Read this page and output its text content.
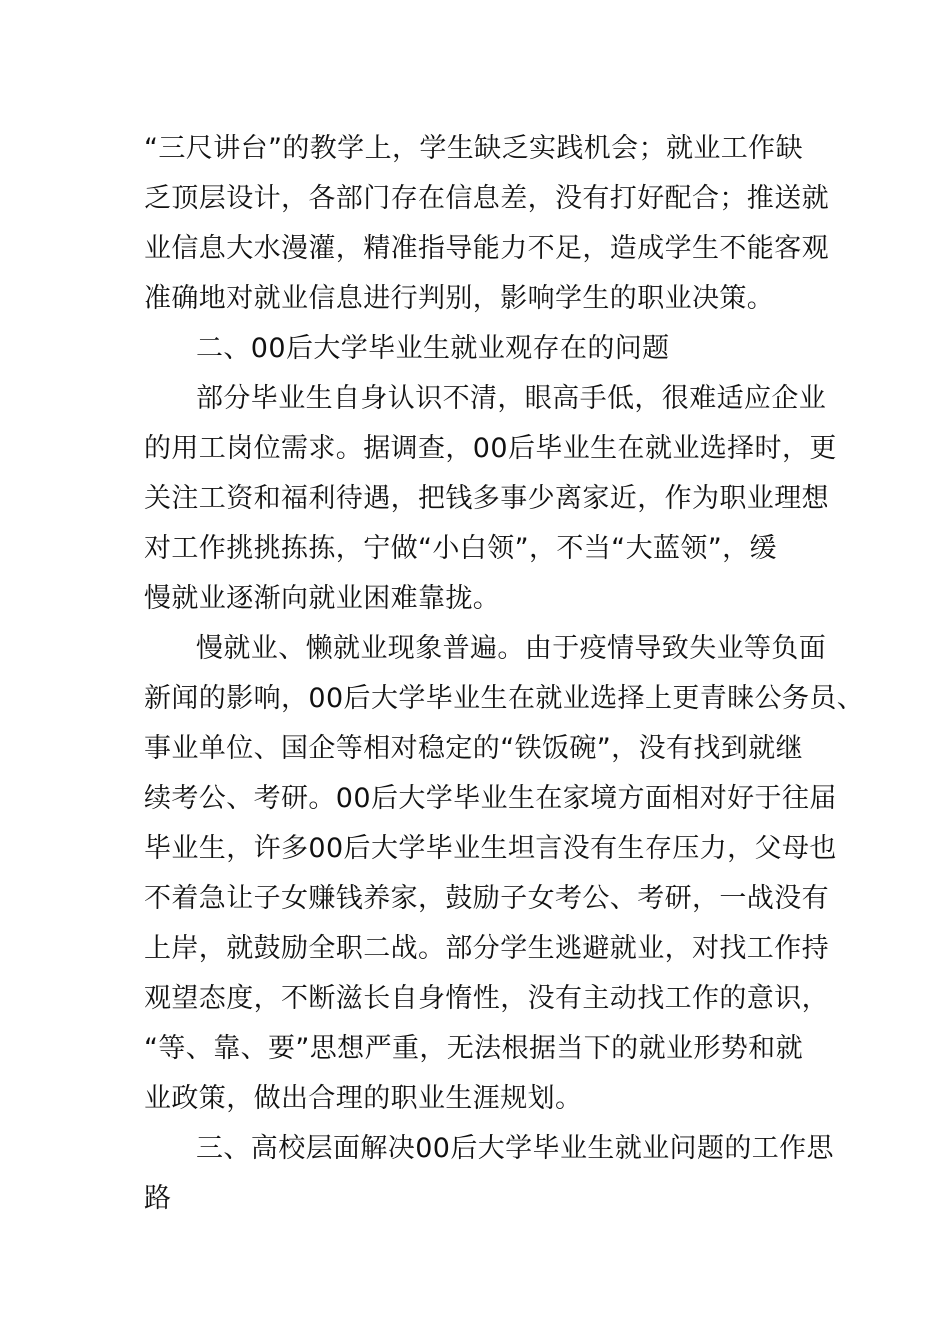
“三尺讲台”的教学上，学生缺乏实践机会；就业工作缺
乏顶层设计，各部门存在信息差，没有打好配合；推送就
业信息大水漫灌，精准指导能力不足，造成学生不能客观
准确地对就业信息进行判别，影响学生的职业决策。
二、00后大学毕业生就业观存在的问题
部分毕业生自身认识不清，眼高手低，很难适应企业
的用工岗位需求。据调查，00后毕业生在就业选择时，更
关注工资和福利待遇，把钱多事少离家近，作为职业理想
对工作挑挑拣拣，宁做“小白领”，不当“大蓝领”，缓
慢就业逐渐向就业困难靠拢。
慢就业、懒就业现象普遍。由于疫情导致失业等负面
新闻的影响，00后大学毕业生在就业选择上更青睐公务员、
事业单位、国企等相对稳定的“铁饭碗”，没有找到就继
续考公、考研。00后大学毕业生在家境方面相对好于往届
毕业生，许多00后大学毕业生坦言没有生存压力，父母也
不着急让子女赚钱养家，鼓励子女考公、考研，一战没有
上岸，就鼓励全职二战。部分学生逃避就业，对找工作持
观望态度，不断滋长自身惰性，没有主动找工作的意识，
“等、靠、要”思想严重，无法根据当下的就业形势和就
业政策，做出合理的职业生涯规划。
三、高校层面解决00后大学毕业生就业问题的工作思
路
